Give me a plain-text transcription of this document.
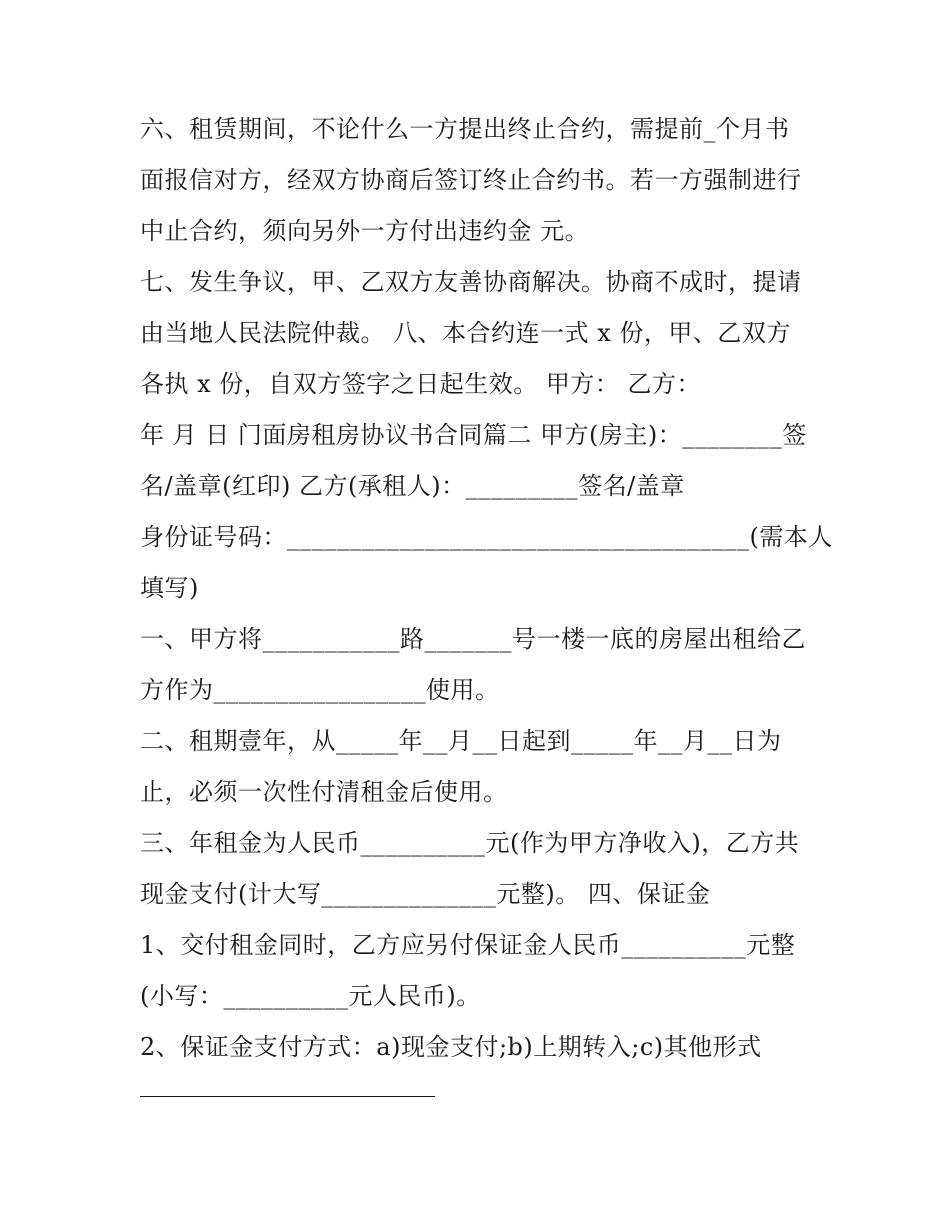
六、租赁期间，不论什么一方提出终止合约，需提前_个月书
面报信对方，经双方协商后签订终止合约书。若一方强制进行
中止合约，须向另外一方付出违约金 元。
七、发生争议，甲、乙双方友善协商解决。协商不成时，提请
由当地人民法院仲裁。 八、本合约连一式 x 份，甲、乙双方
各执 x 份，自双方签字之日起生效。 甲方： 乙方：
年 月 日 门面房租房协议书合同篇二 甲方(房主)：________签
名/盖章(红印) 乙方(承租人)：_________签名/盖章
身份证号码：_____________________________________(需本人
填写)
一、甲方将___________路_______号一楼一底的房屋出租给乙
方作为_________________使用。
二、租期壹年，从_____年__月__日起到_____年__月__日为
止，必须一次性付清租金后使用。
三、年租金为人民币__________元(作为甲方净收入)，乙方共
现金支付(计大写______________元整)。 四、保证金
1、交付租金同时，乙方应另付保证金人民币__________元整
(小写：__________元人民币)。
2、保证金支付方式：a)现金支付;b)上期转入;c)其他形式
